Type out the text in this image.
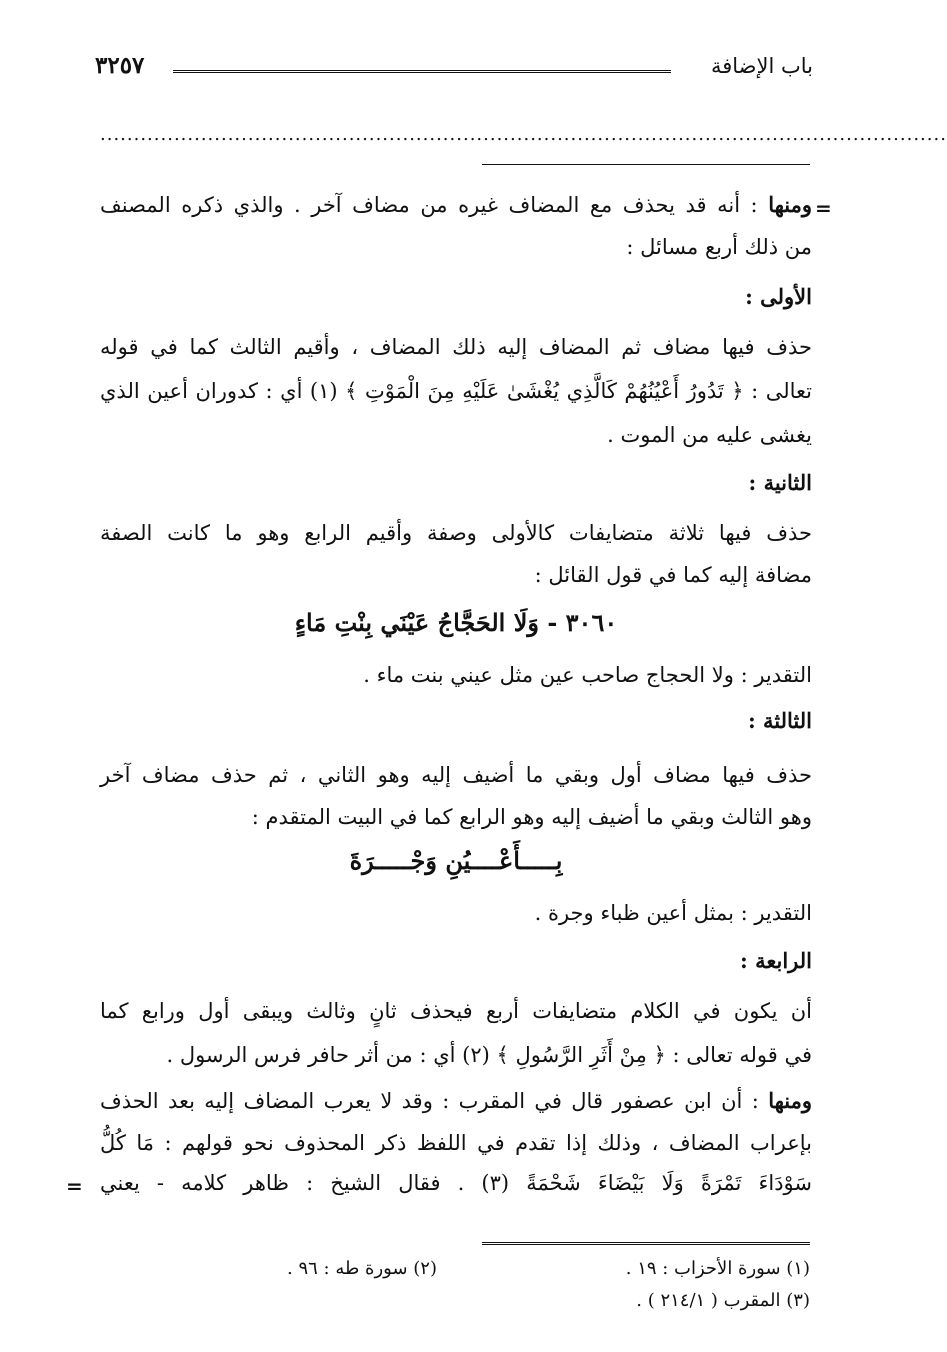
باب الإضافة
٣٢٥٧
..............................................................................................................................
=
ومنها : أنه قد يحذف مع المضاف غيره من مضاف آخر . والذي ذكره المصنف
من ذلك أربع مسائل :
الأولى :
حذف فيها مضاف ثم المضاف إليه ذلك المضاف ، وأقيم الثالث كما في قوله
تعالى : ﴿ تَدُورُ أَعْيُنُهُمْ كَالَّذِي يُغْشَىٰ عَلَيْهِ مِنَ الْمَوْتِ ﴾ (١) أي : كدوران أعين الذي
يغشى عليه من الموت .
الثانية :
حذف فيها ثلاثة متضايفات كالأولى وصفة وأقيم الرابع وهو ما كانت الصفة
مضافة إليه كما في قول القائل :
التقدير : ولا الحجاج صاحب عين مثل عيني بنت ماء .
الثالثة :
حذف فيها مضاف أول وبقي ما أضيف إليه وهو الثاني ، ثم حذف مضاف آخر
وهو الثالث وبقي ما أضيف إليه وهو الرابع كما في البيت المتقدم :
التقدير : بمثل أعين ظباء وجرة .
الرابعة :
أن يكون في الكلام متضايفات أربع فيحذف ثانٍ وثالث ويبقى أول ورابع كما
في قوله تعالى : ﴿ مِنْ أَثَرِ الرَّسُولِ ﴾ (٢) أي : من أثر حافر فرس الرسول .
ومنها : أن ابن عصفور قال في المقرب : وقد لا يعرب المضاف إليه بعد الحذف
بإعراب المضاف ، وذلك إذا تقدم في اللفظ ذكر المحذوف نحو قولهم : مَا كُلُّ
سَوْدَاءَ تَمْرَةً وَلَا بَيْضَاءَ شَحْمَةً (٣) . فقال الشيخ : ظاهر كلامه - يعني
٣٠٦٠ - وَلَا الحَجَّاجُ عَيْنَي بِنْتِ مَاءٍ
بِـــــأَعْــــيُنِ وَجْـــــرَةَ
=
(١) سورة الأحزاب : ١٩ .
(٢) سورة طه : ٩٦ .
(٣) المقرب ( ٢١٤/١ ) .
